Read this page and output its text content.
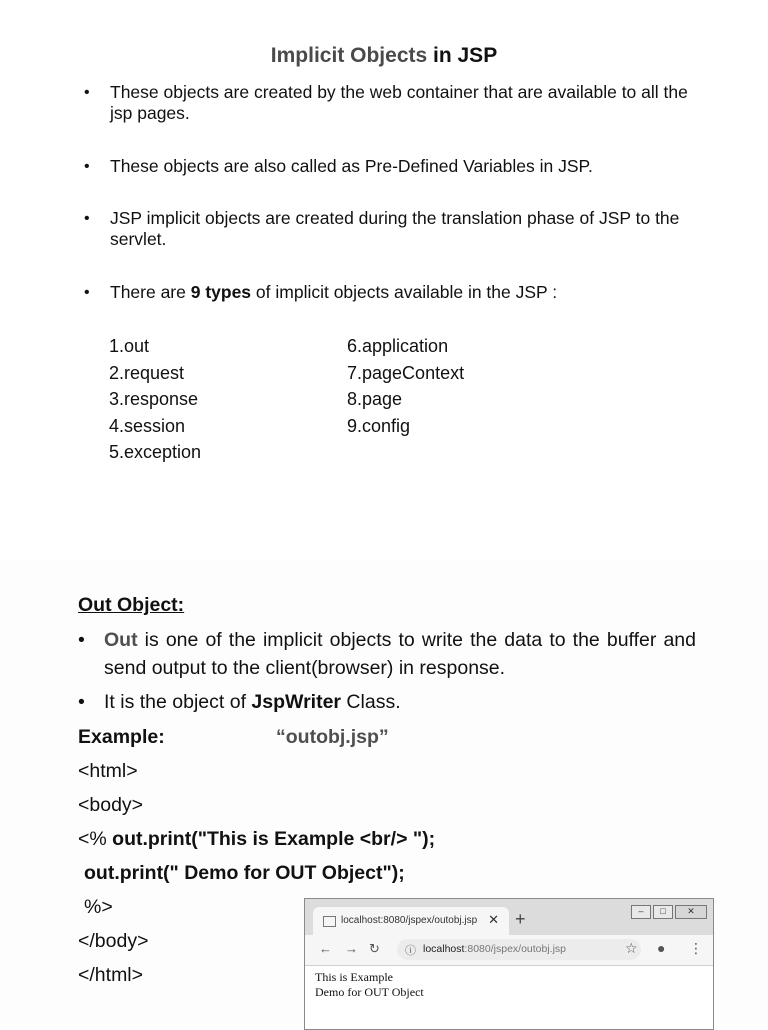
Implicit Objects in JSP
•	These objects are created by the web container that are available to all the jsp pages.
•	These objects are also called as Pre-Defined Variables in JSP.
•	JSP implicit objects are created during the translation phase of JSP to the servlet.
•	There are 9 types of implicit objects available in the JSP :
1.out
2.request
3.response
4.session
5.exception
6.application
7.pageContext
8.page
9.config
Out Object:
• Out is one of the implicit objects to write the data to the buffer and send output to the client(browser) in response.
• It is the object of JspWriter Class.
Example:	“outobj.jsp”
<html>
<body>
<% out.print("This is Example <br/> ");
out.print(" Demo for OUT Object");
%>
</body>
</html>
localhost:8080/jspex/outobj.jsp ✕ +	– □ ✕
← → ↻ ⓘ localhost:8080/jspex/outobj.jsp	☆ ● ⋮
This is Example
Demo for OUT Object
